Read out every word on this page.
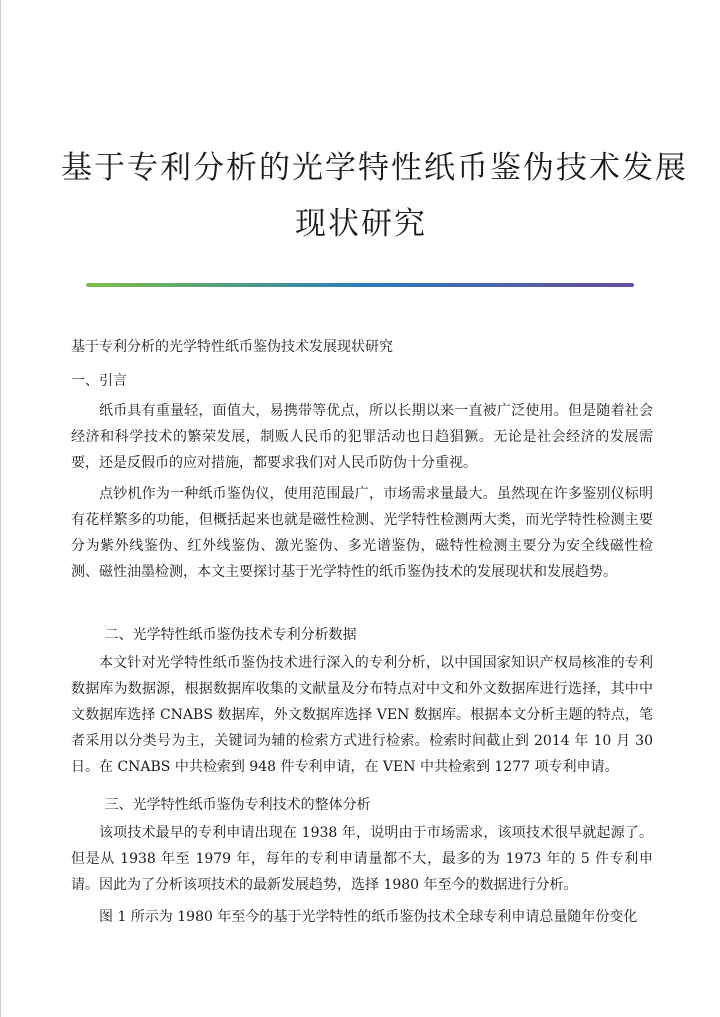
基于专利分析的光学特性纸币鉴伪技术发展
现状研究
基于专利分析的光学特性纸币鉴伪技术发展现状研究
一、引言
纸币具有重量轻，面值大，易携带等优点，所以长期以来一直被广泛使用。但是随着社会经济和科学技术的繁荣发展，制贩人民币的犯罪活动也日趋猖獗。无论是社会经济的发展需要，还是反假币的应对措施，都要求我们对人民币防伪十分重视。
点钞机作为一种纸币鉴伪仪，使用范围最广，市场需求量最大。虽然现在许多鉴别仪标明有花样繁多的功能，但概括起来也就是磁性检测、光学特性检测两大类，而光学特性检测主要分为紫外线鉴伪、红外线鉴伪、激光鉴伪、多光谱鉴伪，磁特性检测主要分为安全线磁性检测、磁性油墨检测，本文主要探讨基于光学特性的纸币鉴伪技术的发展现状和发展趋势。
二、光学特性纸币鉴伪技术专利分析数据
本文针对光学特性纸币鉴伪技术进行深入的专利分析，以中国国家知识产权局核准的专利数据库为数据源，根据数据库收集的文献量及分布特点对中文和外文数据库进行选择，其中中文数据库选择 CNABS 数据库，外文数据库选择 VEN 数据库。根据本文分析主题的特点，笔者采用以分类号为主，关键词为辅的检索方式进行检索。检索时间截止到 2014 年 10 月 30 日。在 CNABS 中共检索到 948 件专利申请，在 VEN 中共检索到 1277 项专利申请。
三、光学特性纸币鉴伪专利技术的整体分析
该项技术最早的专利申请出现在 1938 年，说明由于市场需求，该项技术很早就起源了。但是从 1938 年至 1979 年，每年的专利申请量都不大，最多的为 1973 年的 5 件专利申请。因此为了分析该项技术的最新发展趋势，选择 1980 年至今的数据进行分析。
图 1 所示为 1980 年至今的基于光学特性的纸币鉴伪技术全球专利申请总量随年份变化
